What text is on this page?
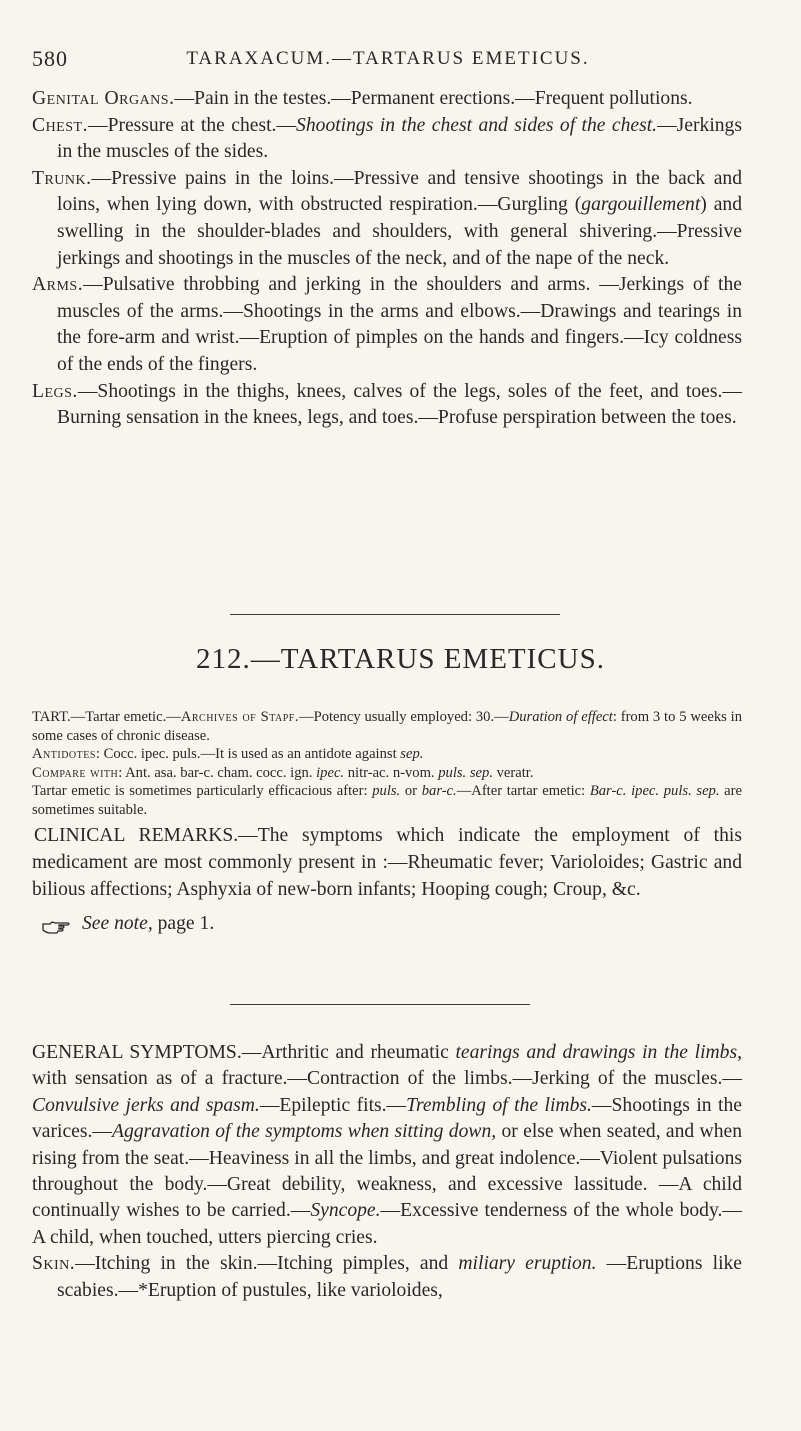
580	TARAXACUM.—TARTARUS EMETICUS.

Genital Organs.—Pain in the testes.—Permanent erections.—Frequent pollutions.

Chest.—Pressure at the chest.—Shootings in the chest and sides of the chest.—Jerkings in the muscles of the sides.

Trunk.—Pressive pains in the loins.—Pressive and tensive shootings in the back and loins, when lying down, with obstructed respiration.—Gurgling (gargouillement) and swelling in the shoulder-blades and shoulders, with general shivering.—Pressive jerkings and shootings in the muscles of the neck, and of the nape of the neck.

Arms.—Pulsative throbbing and jerking in the shoulders and arms. —Jerkings of the muscles of the arms.—Shootings in the arms and elbows.—Drawings and tearings in the fore-arm and wrist.—Eruption of pimples on the hands and fingers.—Icy coldness of the ends of the fingers.

Legs.—Shootings in the thighs, knees, calves of the legs, soles of the feet, and toes.—Burning sensation in the knees, legs, and toes.—Profuse perspiration between the toes.

212.—TARTARUS EMETICUS.

TART.—Tartar emetic.—Archives of Stapf.—Potency usually employed: 30.—Duration of effect: from 3 to 5 weeks in some cases of chronic disease.

Antidotes: Cocc. ipec. puls.—It is used as an antidote against sep.

Compare with: Ant. asa. bar-c. cham. cocc. ign. ipec. nitr-ac. n-vom. puls. sep. veratr.

Tartar emetic is sometimes particularly efficacious after: puls. or bar-c.—After tartar emetic: Bar-c. ipec. puls. sep. are sometimes suitable.

CLINICAL REMARKS.—The symptoms which indicate the employment of this medicament are most commonly present in :—Rheumatic fever; Varioloides; Gastric and bilious affections; Asphyxia of new-born infants; Hooping cough; Croup, &c.

See note, page 1.

GENERAL SYMPTOMS.—Arthritic and rheumatic tearings and drawings in the limbs, with sensation as of a fracture.—Contraction of the limbs.—Jerking of the muscles.—Convulsive jerks and spasm.—Epileptic fits.—Trembling of the limbs.—Shootings in the varices.—Aggravation of the symptoms when sitting down, or else when seated, and when rising from the seat.—Heaviness in all the limbs, and great indolence.—Violent pulsations throughout the body.—Great debility, weakness, and excessive lassitude. —A child continually wishes to be carried.—Syncope.—Excessive tenderness of the whole body.—A child, when touched, utters piercing cries.

Skin.—Itching in the skin.—Itching pimples, and miliary eruption. —Eruptions like scabies.—*Eruption of pustules, like varioloides,
